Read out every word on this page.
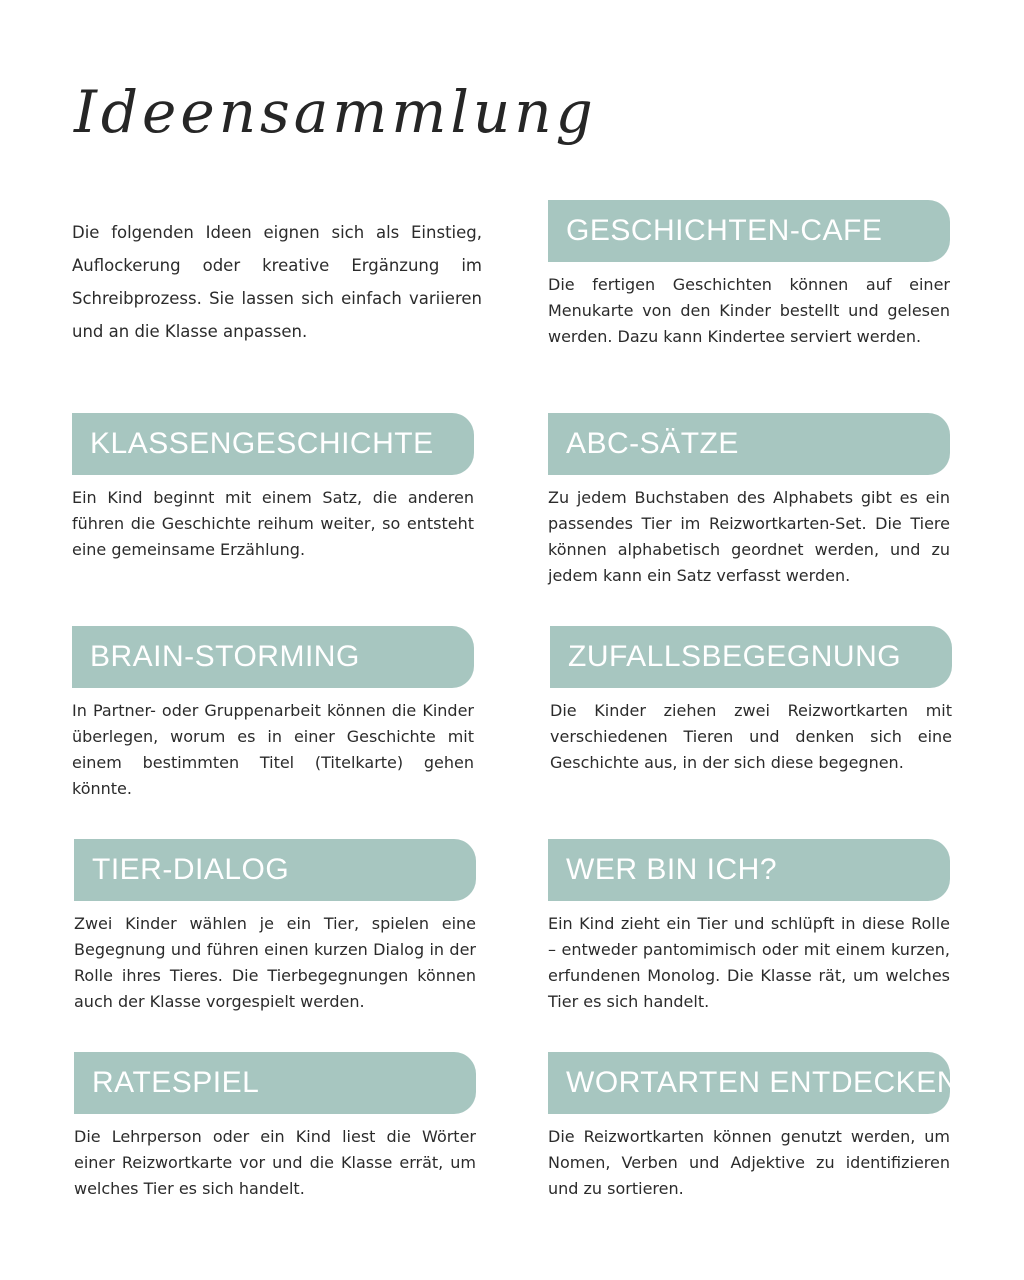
Ideensammlung

Die folgenden Ideen eignen sich als Einstieg, Auflockerung oder kreative Ergänzung im Schreibprozess. Sie lassen sich einfach variieren und an die Klasse anpassen.

GESCHICHTEN-CAFE

Die fertigen Geschichten können auf einer Menukarte von den Kinder bestellt und gelesen werden. Dazu kann Kindertee serviert werden.

KLASSENGESCHICHTE

Ein Kind beginnt mit einem Satz, die anderen führen die Geschichte reihum weiter, so entsteht eine gemeinsame Erzählung.

ABC-SÄTZE

Zu jedem Buchstaben des Alphabets gibt es ein passendes Tier im Reizwortkarten-Set. Die Tiere können alphabetisch geordnet werden, und zu jedem kann ein Satz verfasst werden.

BRAIN-STORMING

In Partner- oder Gruppenarbeit können die Kinder überlegen, worum es in einer Geschichte mit einem bestimmten Titel (Titelkarte) gehen könnte.

ZUFALLSBEGEGNUNG

Die Kinder ziehen zwei Reizwortkarten mit verschiedenen Tieren und denken sich eine Geschichte aus, in der sich diese begegnen.

TIER-DIALOG

Zwei Kinder wählen je ein Tier, spielen eine Begegnung und führen einen kurzen Dialog in der Rolle ihres Tieres. Die Tierbegegnungen können auch der Klasse vorgespielt werden.

WER BIN ICH?

Ein Kind zieht ein Tier und schlüpft in diese Rolle – entweder pantomimisch oder mit einem kurzen, erfundenen Monolog. Die Klasse rät, um welches Tier es sich handelt.

RATESPIEL

Die Lehrperson oder ein Kind liest die Wörter einer Reizwortkarte vor und die Klasse errät, um welches Tier es sich handelt.

WORTARTEN ENTDECKEN

Die Reizwortkarten können genutzt werden, um Nomen, Verben und Adjektive zu identifizieren und zu sortieren.
